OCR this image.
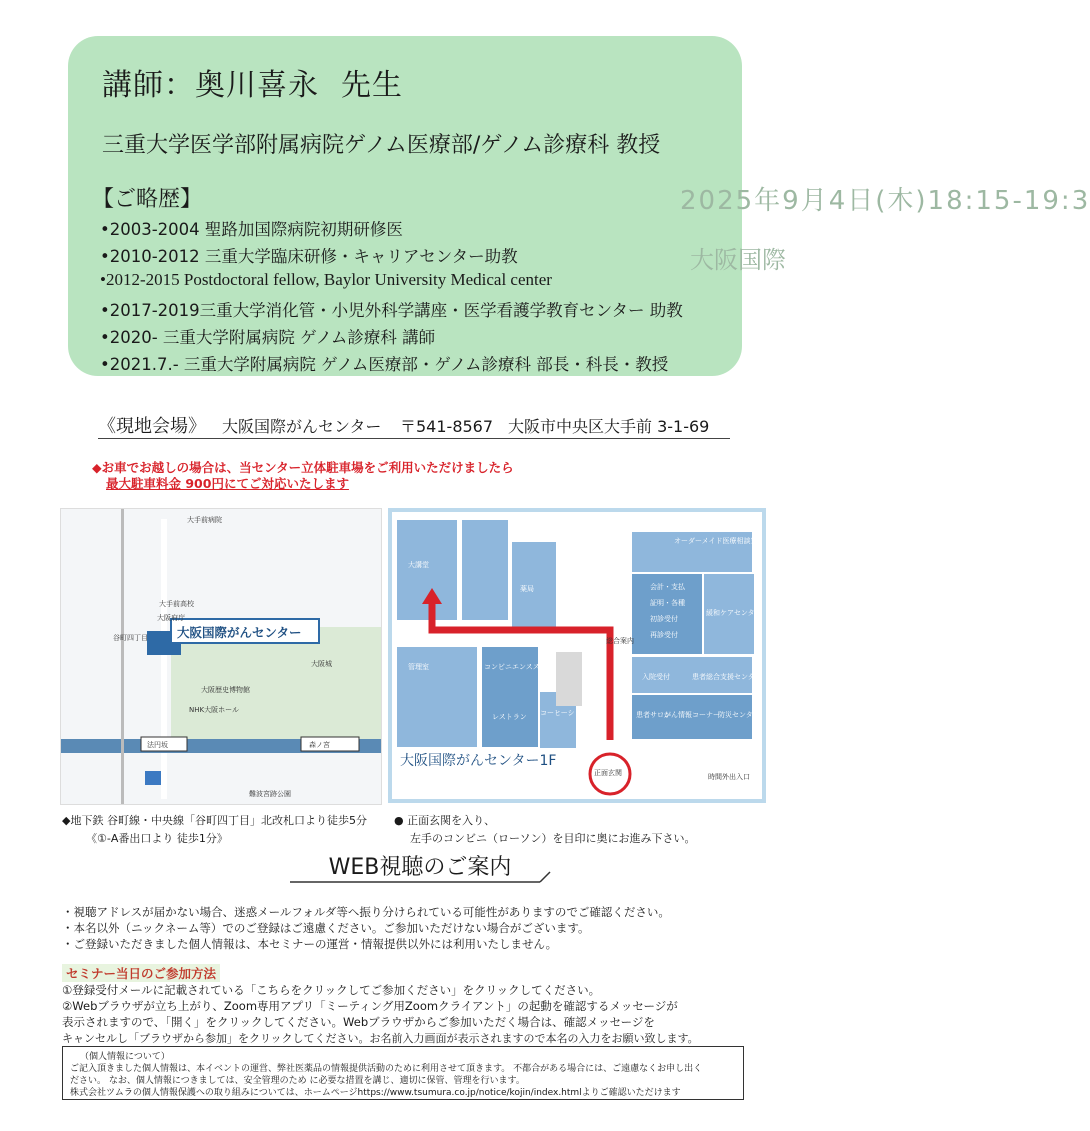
2025年9月4日(木)18:15-19:3
大阪国際
講師：奥川喜永 先生
三重大学医学部附属病院ゲノム医療部/ゲノム診療科 教授
【ご略歴】
•2003-2004 聖路加国際病院初期研修医
•2010-2012 三重大学臨床研修・キャリアセンター助教
•2012-2015 Postdoctoral fellow, Baylor University Medical center
•2017-2019三重大学消化管・小児外科学講座・医学看護学教育センター 助教
•2020- 三重大学附属病院 ゲノム診療科 講師
•2021.7.- 三重大学附属病院 ゲノム医療部・ゲノム診療科 部長・科長・教授
《現地会場》 大阪国際がんセンター 〒541-8567 大阪市中央区大手前 3-1-69
◆お車でお越しの場合は、当センター立体駐車場をご利用いただけましたら
最大駐車料金 900円にてご対応いたします
大阪国際がんセンター
大手前高校
大阪府庁
NHK大阪ホール
大阪歴史博物館
谷町四丁目
森ノ宮
法円坂
難波宮跡公園
大阪城
大手前病院
大阪国際がんセンター1F
正面玄関	時間外出入口
大講堂
薬局
総合案内
コンビニエンスストア
レストラン コーヒーショップ
オーダーメイド医療相談室
会計・支払
証明・各種
初診受付
再診受付
緩和ケアセンター
入院受付	患者総合支援センター
患者サロン
がん情報コーナー
防災センター
管理室
◆地下鉄 谷町線・中央線「谷町四丁目」北改札口より徒歩5分
《①-A番出口より 徒歩1分》
● 正面玄関を入り、
左手のコンビニ（ローソン）を目印に奥にお進み下さい。
WEB視聴のご案内
・視聴アドレスが届かない場合、迷惑メールフォルダ等へ振り分けられている可能性がありますのでご確認ください。
・本名以外（ニックネーム等）でのご登録はご遠慮ください。ご参加いただけない場合がございます。
・ご登録いただきました個人情報は、本セミナーの運営・情報提供以外には利用いたしません。
セミナー当日のご参加方法
①登録受付メールに記載されている「こちらをクリックしてご参加ください」をクリックしてください。
②Webブラウザが立ち上がり、Zoom専用アプリ「ミーティング用Zoomクライアント」の起動を確認するメッセージが
表示されますので、「開く」をクリックしてください。Webブラウザからご参加いただく場合は、確認メッセージを
キャンセルし「ブラウザから参加」をクリックしてください。お名前入力画面が表示されますので本名の入力をお願い致します。
（個人情報について）
ご記入頂きました個人情報は、本イベントの運営、弊社医薬品の情報提供活動のために利用させて頂きます。 不都合がある場合には、ご遠慮なくお申し出く
ださい。 なお、個人情報につきましては、安全管理のため に必要な措置を講じ、適切に保管、管理を行います。
株式会社ツムラの個人情報保護への取り組みについては、ホームページhttps://www.tsumura.co.jp/notice/kojin/index.htmlよりご確認いただけます
